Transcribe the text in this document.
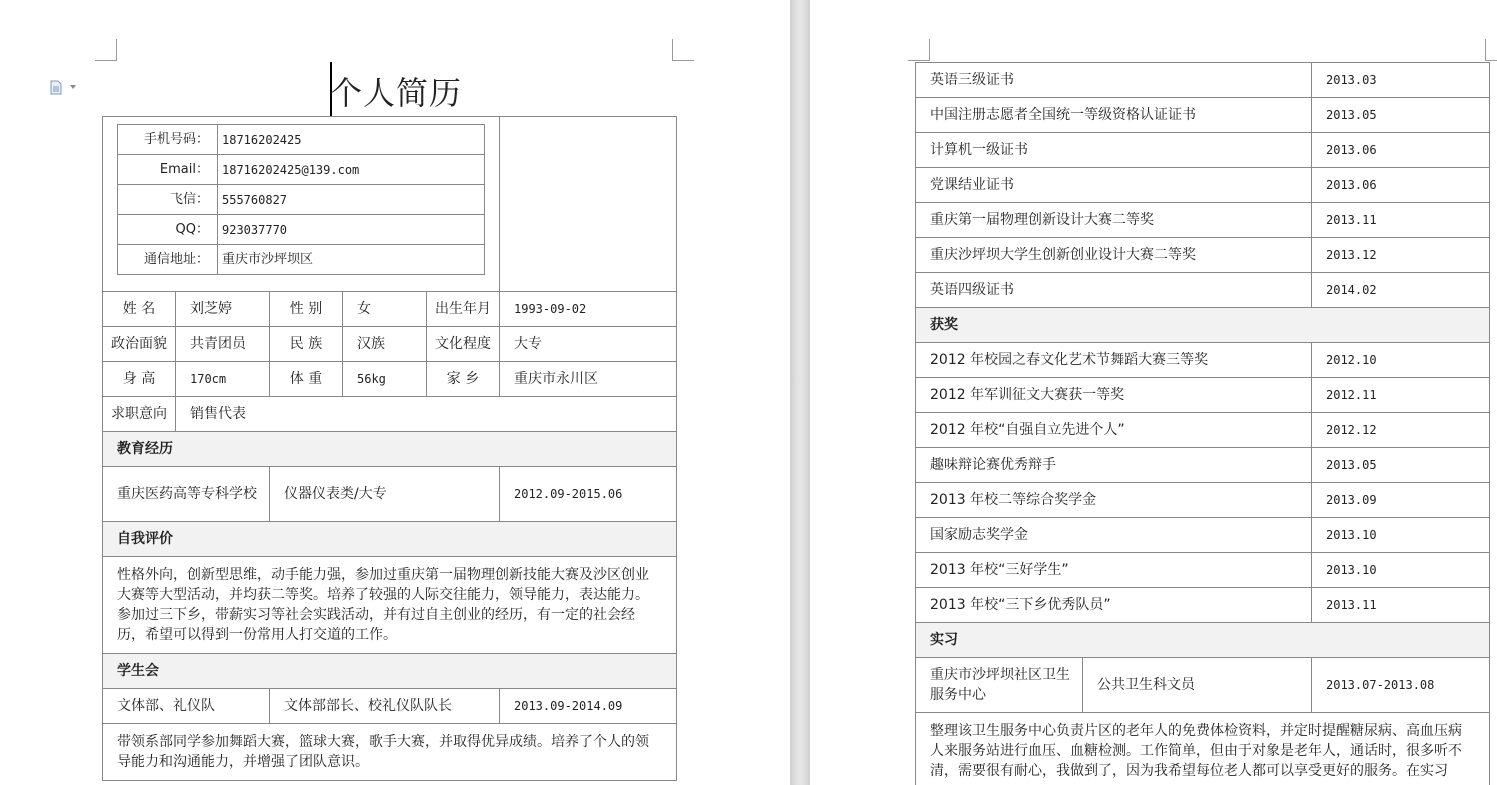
个人简历
手机号码：	18716202425
Email：	18716202425@139.com
飞信：	555760827
QQ：	923037770
通信地址：	重庆市沙坪坝区

姓 名	刘芝婷	性 别	女	出生年月	1993-09-02
政治面貌	共青团员	民 族	汉族	文化程度	大专
身 高	170cm	体 重	56kg	家 乡	重庆市永川区
求职意向	销售代表
教育经历
重庆医药高等专科学校	仪器仪表类/大专	2012.09-2015.06
自我评价
性格外向，创新型思维，动手能力强，参加过重庆第一届物理创新技能大赛及沙区创业大赛等大型活动，并均获二等奖。培养了较强的人际交往能力，领导能力，表达能力。参加过三下乡，带薪实习等社会实践活动，并有过自主创业的经历，有一定的社会经历，希望可以得到一份常用人打交道的工作。
学生会
文体部、礼仪队	文体部部长、校礼仪队队长	2013.09-2014.09
带领系部同学参加舞蹈大赛，篮球大赛，歌手大赛，并取得优异成绩。培养了个人的领导能力和沟通能力，并增强了团队意识。
英语三级证书		2013.03
中国注册志愿者全国统一等级资格认证证书		2013.05
计算机一级证书		2013.06
党课结业证书		2013.06
重庆第一届物理创新设计大赛二等奖		2013.11
重庆沙坪坝大学生创新创业设计大赛二等奖		2013.12
英语四级证书		2014.02
获奖		
2012 年校园之春文化艺术节舞蹈大赛三等奖		2012.10
2012 年军训征文大赛获一等奖		2012.11
2012 年校“自强自立先进个人”		2012.12
趣味辩论赛优秀辩手		2013.05
2013 年校二等综合奖学金		2013.09
国家励志奖学金		2013.10
2013 年校“三好学生”		2013.10
2013 年校“三下乡优秀队员”		2013.11
实习		
重庆市沙坪坝社区卫生服务中心	公共卫生科文员	2013.07-2013.08
整理该卫生服务中心负责片区的老年人的免费体检资料，并定时提醒糖尿病、高血压病人来服务站进行血压、血糖检测。工作简单，但由于对象是老年人，通话时，很多听不清，需要很有耐心，我做到了，因为我希望每位老人都可以享受更好的服务。在实习		
